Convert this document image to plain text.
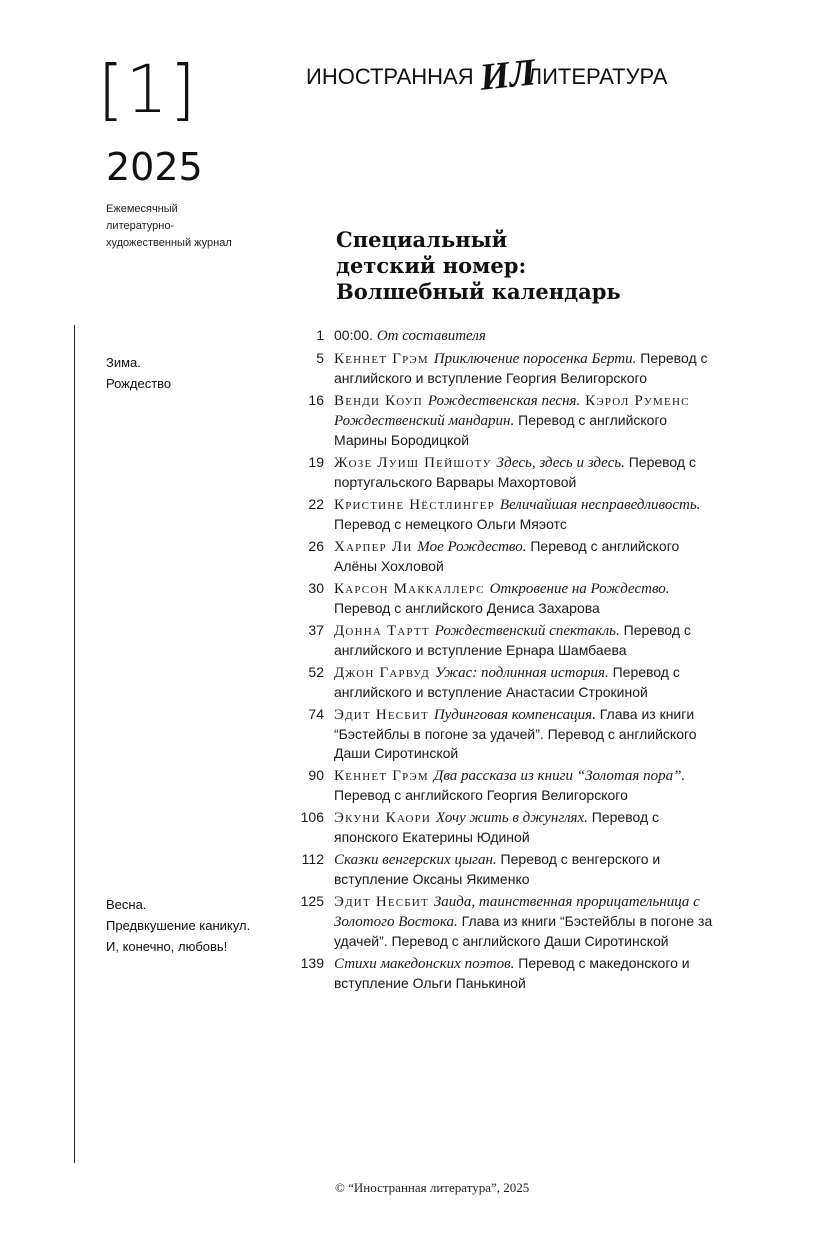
[1]
2025
Ежемесячный литературно-художественный журнал
ИНОСТРАННАЯ ИЛ
ЛИТЕРАТУРА
Специальный
детский номер:
Волшебный календарь
Зима.
Рождество
Весна.
Предвкушение каникул.
И, конечно, любовь!
1 00:00. От составителя
5 Кеннет Грэм Приключение поросенка Берти. Перевод с английского и вступление Георгия Велигорского
16 Венди Коуп Рождественская песня. Кэрол Руменс Рождественский мандарин. Перевод с английского Марины Бородицкой
19 Жозе Луиш Пейшоту Здесь, здесь и здесь. Перевод с португальского Варвары Махортовой
22 Кристине Нёстлингер Величайшая несправедливость. Перевод с немецкого Ольги Мяэотс
26 Харпер Ли Мое Рождество. Перевод с английского Алёны Хохловой
30 Карсон Маккаллерс Откровение на Рождество. Перевод с английского Дениса Захарова
37 Донна Тартт Рождественский спектакль. Перевод с английского и вступление Ернара Шамбаева
52 Джон Гарвуд Ужас: подлинная история. Перевод с английского и вступление Анастасии Строкиной
74 Эдит Несбит Пудинговая компенсация. Глава из книги “Бэстейблы в погоне за удачей”. Перевод с английского Даши Сиротинской
90 Кеннет Грэм Два рассказа из книги “Золотая пора”. Перевод с английского Георгия Велигорского
106 Экуни Каори Хочу жить в джунглях. Перевод с японского Екатерины Юдиной
112 Сказки венгерских цыган. Перевод с венгерского и вступление Оксаны Якименко
125 Эдит Несбит Заида, таинственная прорицательница с Золотого Востока. Глава из книги “Бэстейблы в погоне за удачей”. Перевод с английского Даши Сиротинской
139 Стихи македонских поэтов. Перевод с македонского и вступление Ольги Панькиной
© “Иностранная литература”, 2025
